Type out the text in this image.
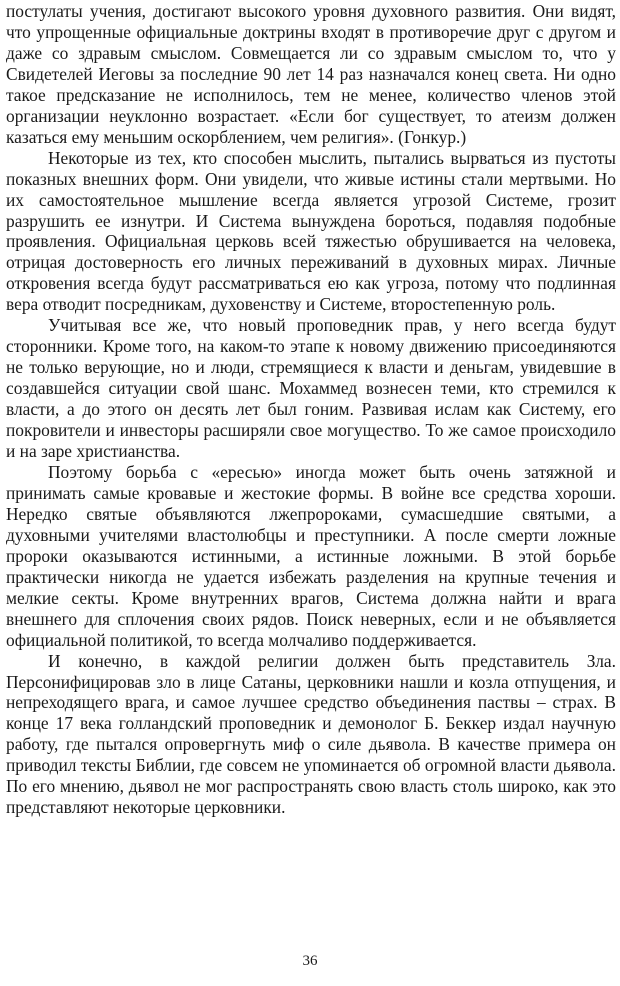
постулаты учения, достигают высокого уровня духовного развития. Они видят, что упрощенные официальные доктрины входят в противоречие друг с другом и даже со здравым смыслом. Совмещается ли со здравым смыслом то, что у Свидетелей Иеговы за последние 90 лет 14 раз назначался конец света. Ни одно такое предсказание не исполнилось, тем не менее, количество членов этой организации неуклонно возрастает. «Если бог существует, то атеизм должен казаться ему меньшим оскорблением, чем религия». (Гонкур.)

Некоторые из тех, кто способен мыслить, пытались вырваться из пустоты показных внешних форм. Они увидели, что живые истины стали мертвыми. Но их самостоятельное мышление всегда является угрозой Системе, грозит разрушить ее изнутри. И Система вынуждена бороться, подавляя подобные проявления. Официальная церковь всей тяжестью обрушивается на человека, отрицая достоверность его личных переживаний в духовных мирах. Личные откровения всегда будут рассматриваться ею как угроза, потому что подлинная вера отводит посредникам, духовенству и Системе, второстепенную роль.

Учитывая все же, что новый проповедник прав, у него всегда будут сторонники. Кроме того, на каком-то этапе к новому движению присоединяются не только верующие, но и люди, стремящиеся к власти и деньгам, увидевшие в создавшейся ситуации свой шанс. Мохаммед вознесен теми, кто стремился к власти, а до этого он десять лет был гоним. Развивая ислам как Систему, его покровители и инвесторы расширяли свое могущество. То же самое происходило и на заре христианства.

Поэтому борьба с «ересью» иногда может быть очень затяжной и принимать самые кровавые и жестокие формы. В войне все средства хороши. Нередко святые объявляются лжепророками, сумасшедшие святыми, а духовными учителями властолюбцы и преступники. А после смерти ложные пророки оказываются истинными, а истинные ложными. В этой борьбе практически никогда не удается избежать разделения на крупные течения и мелкие секты. Кроме внутренних врагов, Система должна найти и врага внешнего для сплочения своих рядов. Поиск неверных, если и не объявляется официальной политикой, то всегда молчаливо поддерживается.

И конечно, в каждой религии должен быть представитель Зла. Персонифицировав зло в лице Сатаны, церковники нашли и козла отпущения, и непреходящего врага, и самое лучшее средство объединения паствы – страх. В конце 17 века голландский проповедник и демонолог Б. Беккер издал научную работу, где пытался опровергнуть миф о силе дьявола. В качестве примера он приводил тексты Библии, где совсем не упоминается об огромной власти дьявола. По его мнению, дьявол не мог распространять свою власть столь широко, как это представляют некоторые церковники.

36
